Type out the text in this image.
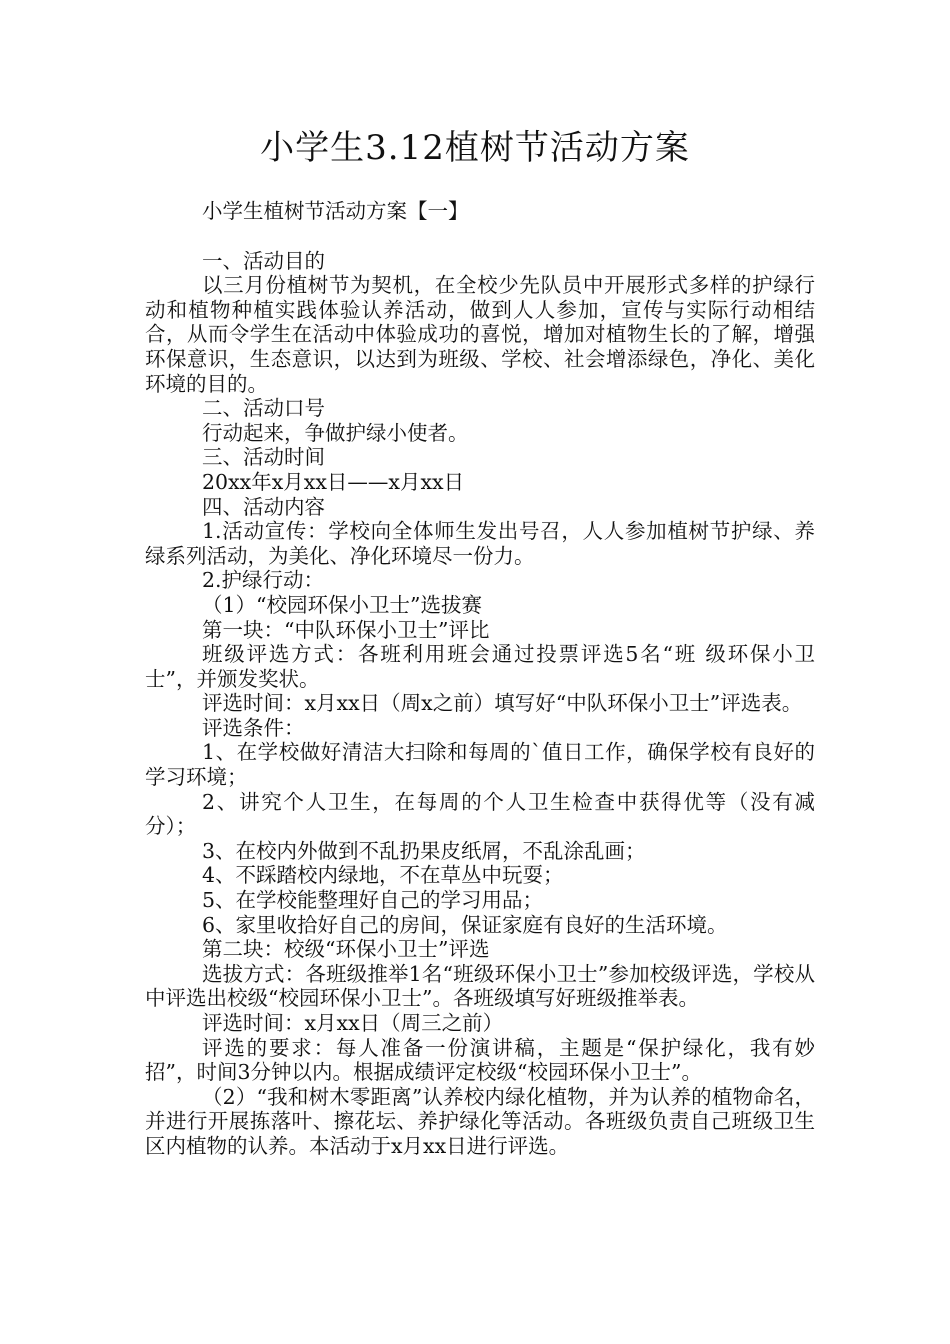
小学生3.12植树节活动方案

小学生植树节活动方案【一】

一、活动目的

以三月份植树节为契机，在全校少先队员中开展形式多样的护绿行动和植物种植实践体验认养活动，做到人人参加，宣传与实际行动相结合，从而令学生在活动中体验成功的喜悦，增加对植物生长的了解，增强环保意识，生态意识，以达到为班级、学校、社会增添绿色，净化、美化环境的目的。

二、活动口号

行动起来，争做护绿小使者。

三、活动时间

20xx年x月xx日——x月xx日

四、活动内容

1.活动宣传：学校向全体师生发出号召，人人参加植树节护绿、养绿系列活动，为美化、净化环境尽一份力。

2.护绿行动：

（1）“校园环保小卫士”选拔赛

第一块：“中队环保小卫士”评比

班级评选方式：各班利用班会通过投票评选5名“班 级环保小卫士”，并颁发奖状。

评选时间：x月xx日（周x之前）填写好“中队环保小卫士”评选表。

评选条件：

1、在学校做好清洁大扫除和每周的`值日工作，确保学校有良好的学习环境；

2、讲究个人卫生，在每周的个人卫生检查中获得优等（没有减分）；

3、在校内外做到不乱扔果皮纸屑，不乱涂乱画；

4、不踩踏校内绿地，不在草丛中玩耍；

5、在学校能整理好自己的学习用品；

6、家里收拾好自己的房间，保证家庭有良好的生活环境。

第二块：校级“环保小卫士”评选

选拔方式：各班级推举1名“班级环保小卫士”参加校级评选，学校从中评选出校级“校园环保小卫士”。各班级填写好班级推举表。

评选时间：x月xx日（周三之前）

评选的要求：每人准备一份演讲稿，主题是“保护绿化，我有妙招”，时间3分钟以内。根据成绩评定校级“校园环保小卫士”。

（2）“我和树木零距离”认养校内绿化植物，并为认养的植物命名，并进行开展拣落叶、擦花坛、养护绿化等活动。各班级负责自己班级卫生区内植物的认养。本活动于x月xx日进行评选。
